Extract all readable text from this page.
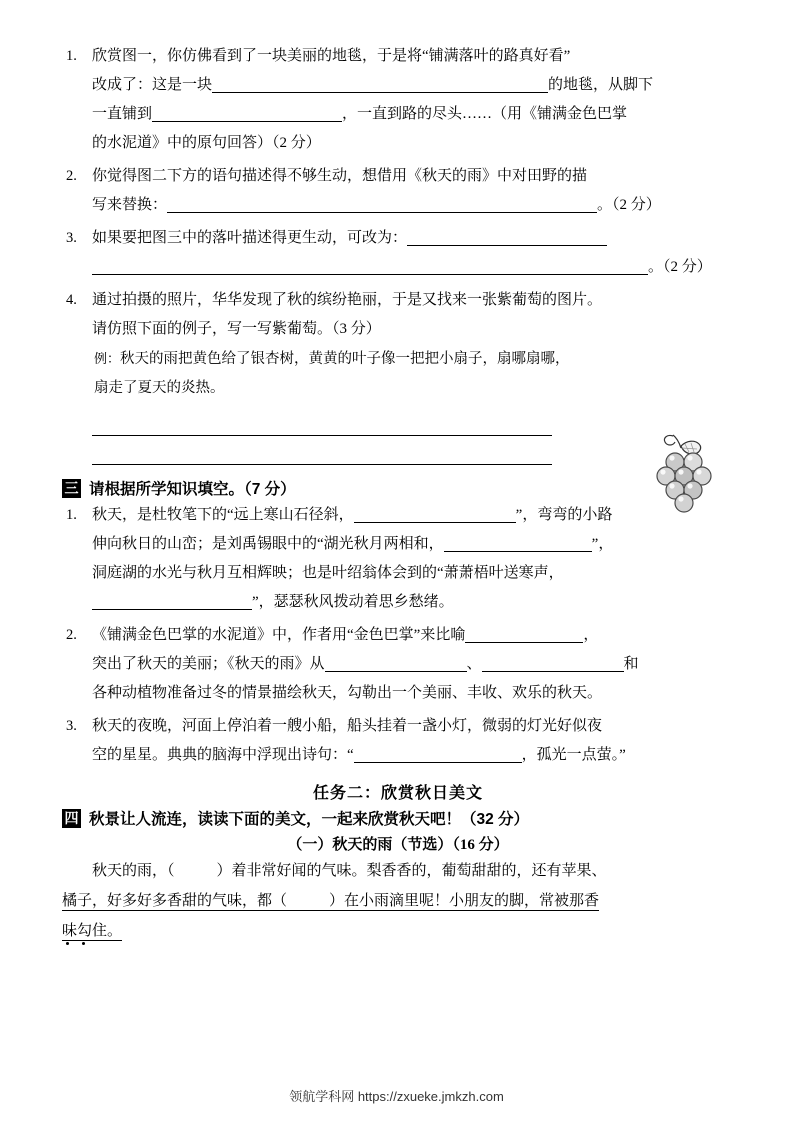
1.	欣赏图一，你仿佛看到了一块美丽的地毯，于是将“铺满落叶的路真好看”
改成了：这是一块	的地毯，从脚下
一直铺到	，一直到路的尽头……（用《铺满金色巴掌
的水泥道》中的原句回答）（2 分）
2.	你觉得图二下方的语句描述得不够生动，想借用《秋天的雨》中对田野的描
写来替换：	。（2 分）
3.	如果要把图三中的落叶描述得更生动，可改为：
。（2 分）
4.	通过拍摄的照片，华华发现了秋的缤纷艳丽，于是又找来一张紫葡萄的图片。
请仿照下面的例子，写一写紫葡萄。（3 分）
例：秋天的雨把黄色给了银杏树，黄黄的叶子像一把把小扇子，扇哪扇哪，
扇走了夏天的炎热。
三 请根据所学知识填空。（7 分）
1.	秋天，是杜牧笔下的“远上寒山石径斜，	”，弯弯的小路
伸向秋日的山峦；是刘禹锡眼中的“湖光秋月两相和，	”，
洞庭湖的水光与秋月互相辉映；也是叶绍翁体会到的“萧萧梧叶送寒声，
”，瑟瑟秋风拨动着思乡愁绪。
2.	《铺满金色巴掌的水泥道》中，作者用“金色巴掌”来比喻	，
突出了秋天的美丽；《秋天的雨》从	、	和
各种动植物准备过冬的情景描绘秋天，勾勒出一个美丽、丰收、欢乐的秋天。
3.	秋天的夜晚，河面上停泊着一艘小船，船头挂着一盏小灯，微弱的灯光好似夜
空的星星。典典的脑海中浮现出诗句：“	，孤光一点萤。”
任务二：欣赏秋日美文
四 秋景让人流连，读读下面的美文，一起来欣赏秋天吧！（32 分）
（一）秋天的雨（节选）（16 分）
秋天的雨，（	）着非常好闻的气味。梨香香的，葡萄甜甜的，还有苹果、
橘子，好多好多香甜的气味，都（	）在小雨滴里呢！小朋友的脚，常被那香
味勾住。
领航学科网 https://zxueke.jmkzh.com
